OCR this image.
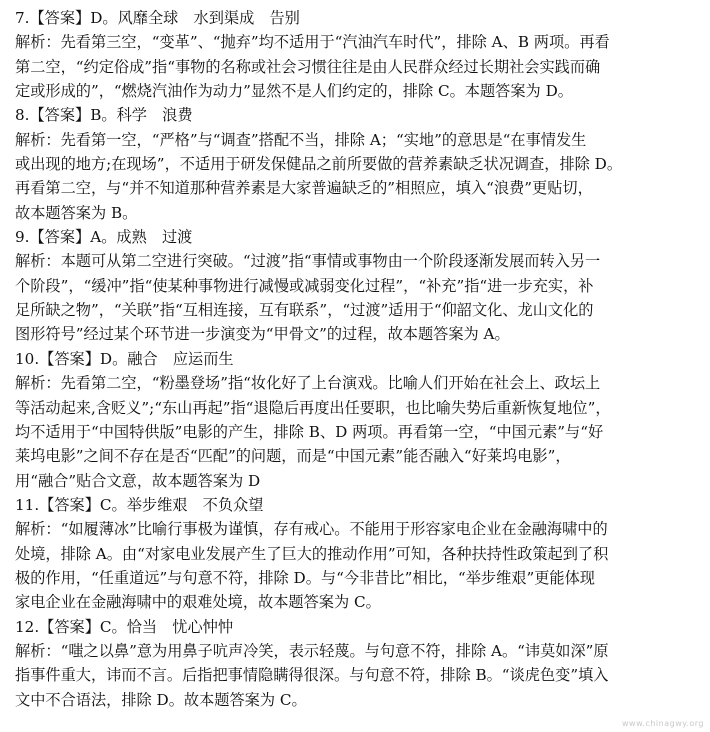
7.【答案】D。风靡全球　水到渠成　告别
解析：先看第三空，“变革”、“抛弃”均不适用于“汽油汽车时代”，排除 A、B 两项。再看
第二空，“约定俗成”指“事物的名称或社会习惯往往是由人民群众经过长期社会实践而确
定或形成的”，“燃烧汽油作为动力”显然不是人们约定的，排除 C。本题答案为 D。
8.【答案】B。科学　浪费
解析：先看第一空，“严格”与“调查”搭配不当，排除 A；“实地”的意思是“在事情发生
或出现的地方;在现场”，不适用于研发保健品之前所要做的营养素缺乏状况调查，排除 D。
再看第二空，与“并不知道那种营养素是大家普遍缺乏的”相照应，填入“浪费”更贴切，
故本题答案为 B。
9.【答案】A。成熟　过渡
解析：本题可从第二空进行突破。“过渡”指“事情或事物由一个阶段逐渐发展而转入另一
个阶段”，“缓冲”指“使某种事物进行减慢或减弱变化过程”，“补充”指“进一步充实，补
足所缺之物”，“关联”指“互相连接，互有联系”，“过渡”适用于“仰韶文化、龙山文化的
图形符号”经过某个环节进一步演变为“甲骨文”的过程，故本题答案为 A。
10.【答案】D。融合　应运而生
解析：先看第二空，“粉墨登场”指“妆化好了上台演戏。比喻人们开始在社会上、政坛上
等活动起来,含贬义”;“东山再起”指“退隐后再度出任要职，也比喻失势后重新恢复地位”，
均不适用于“中国特供版”电影的产生，排除 B、D 两项。再看第一空，“中国元素”与“好
莱坞电影”之间不存在是否“匹配”的问题，而是“中国元素”能否融入“好莱坞电影”，
用“融合”贴合文意，故本题答案为 D
11.【答案】C。举步维艰　不负众望
解析：“如履薄冰”比喻行事极为谨慎，存有戒心。不能用于形容家电企业在金融海啸中的
处境，排除 A。由“对家电业发展产生了巨大的推动作用”可知，各种扶持性政策起到了积
极的作用，“任重道远”与句意不符，排除 D。与“今非昔比”相比，“举步维艰”更能体现
家电企业在金融海啸中的艰难处境，故本题答案为 C。
12.【答案】C。恰当　忧心忡忡
解析：“嗤之以鼻”意为用鼻子吭声冷笑，表示轻蔑。与句意不符，排除 A。“讳莫如深”原
指事件重大，讳而不言。后指把事情隐瞒得很深。与句意不符，排除 B。“谈虎色变”填入
文中不合语法，排除 D。故本题答案为 C。
www.chinagwy.org
